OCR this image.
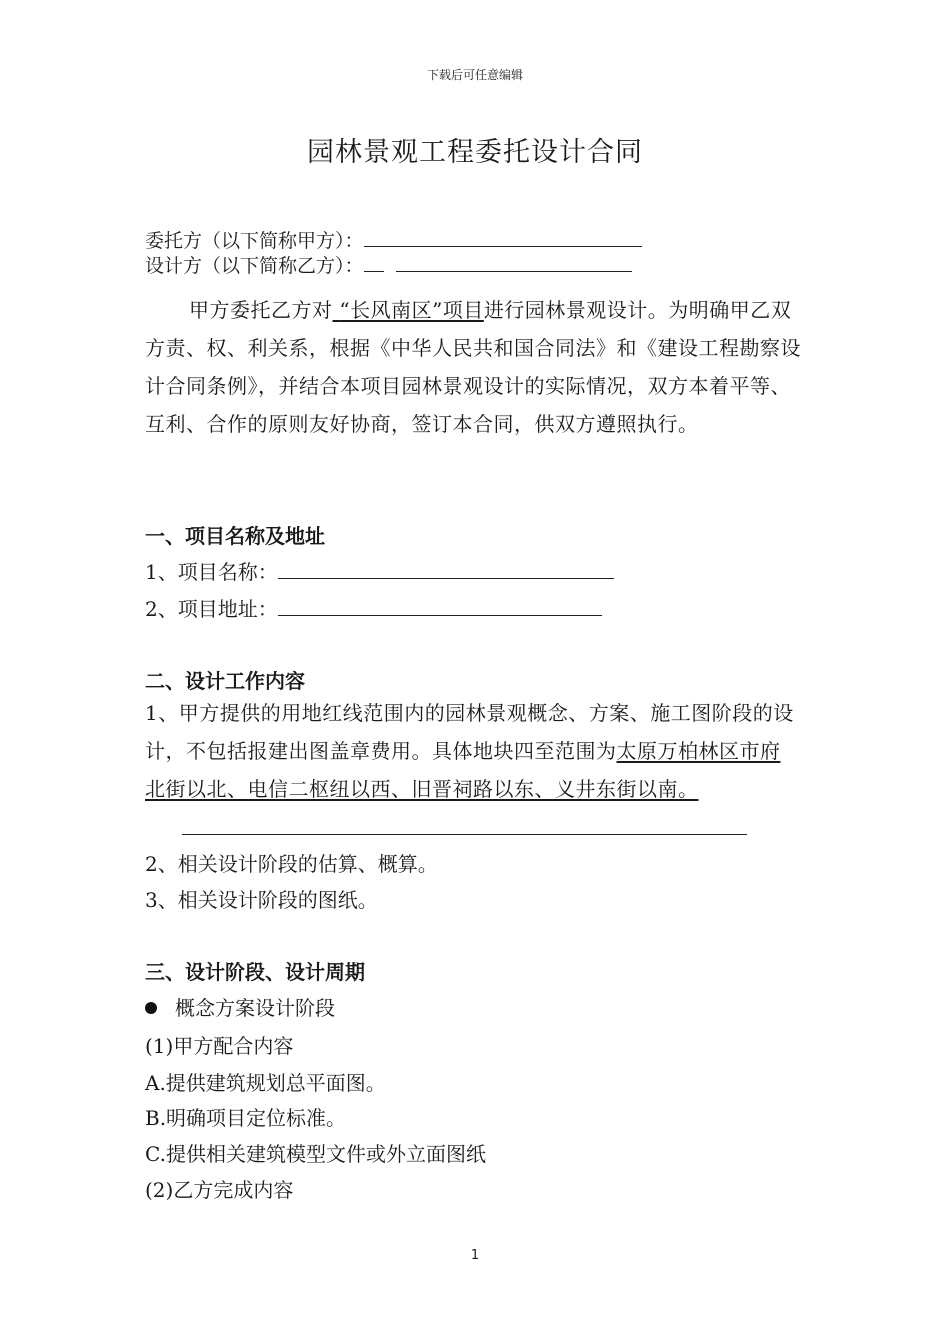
下载后可任意编辑
园林景观工程委托设计合同
委托方（以下简称甲方）：
设计方（以下简称乙方）：
甲方委托乙方对 “长风南区”项目进行园林景观设计。为明确甲乙双方责、权、利关系，根据《中华人民共和国合同法》和《建设工程勘察设计合同条例》，并结合本项目园林景观设计的实际情况，双方本着平等、互利、合作的原则友好协商，签订本合同，供双方遵照执行。
一、项目名称及地址
1、项目名称：
2、项目地址：
二、设计工作内容
1、甲方提供的用地红线范围内的园林景观概念、方案、施工图阶段的设计，不包括报建出图盖章费用。具体地块四至范围为太原万柏林区市府北街以北、电信二枢纽以西、旧晋祠路以东、义井东街以南。
2、相关设计阶段的估算、概算。
3、相关设计阶段的图纸。
三、设计阶段、设计周期
概念方案设计阶段
(1)甲方配合内容
A.提供建筑规划总平面图。
B.明确项目定位标准。
C.提供相关建筑模型文件或外立面图纸
(2)乙方完成内容
1
